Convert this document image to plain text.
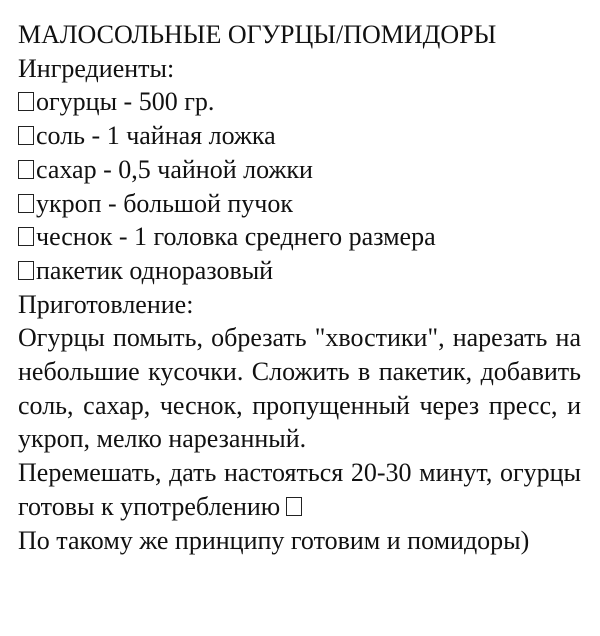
МАЛОСОЛЬНЫЕ ОГУРЦЫ/ПОМИДОРЫ
Ингредиенты:
огурцы - 500 гр.
соль - 1 чайная ложка
сахар - 0,5 чайной ложки
укроп - большой пучок
чеснок - 1 головка среднего размера
пакетик одноразовый
Приготовление:
Огурцы помыть, обрезать "хвостики", нарезать на небольшие кусочки. Сложить в пакетик, добавить соль, сахар, чеснок, пропущенный через пресс, и укроп, мелко нарезанный.
Перемешать, дать настояться 20-30 минут, огурцы готовы к употреблению
По такому же принципу готовим и помидоры)
